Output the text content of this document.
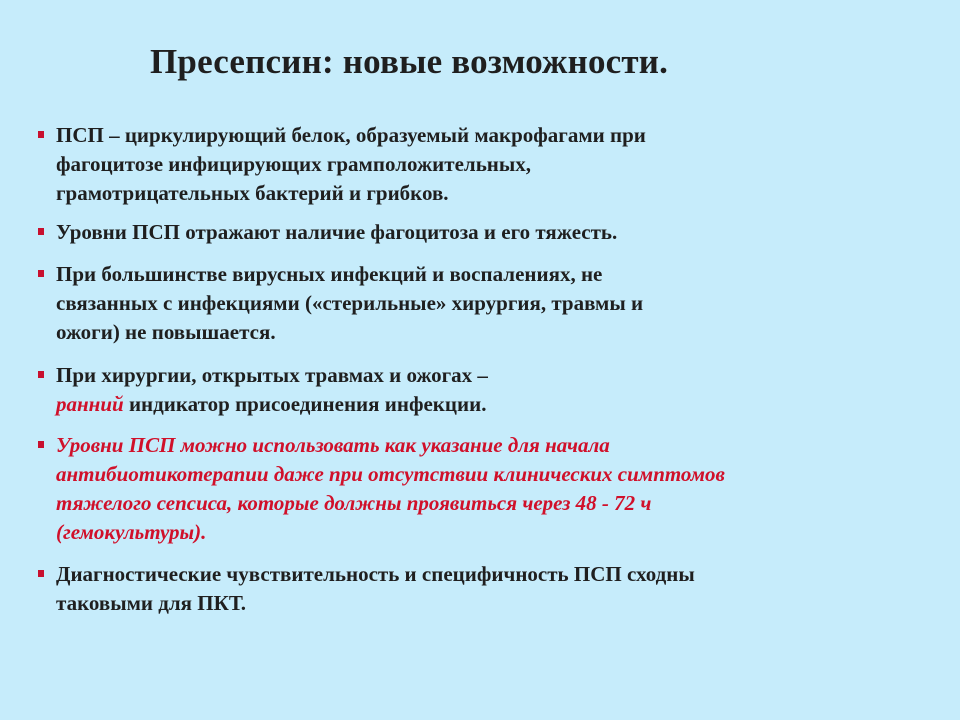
Пресепсин: новые возможности.
ПСП – циркулирующий белок, образуемый макрофагами при
фагоцитозе инфицирующих грамположительных,
грамотрицательных бактерий и грибков.
Уровни ПСП отражают наличие фагоцитоза и его тяжесть.
При большинстве вирусных инфекций и воспалениях, не
связанных с инфекциями («стерильные» хирургия, травмы и
ожоги) не повышается.
При хирургии, открытых травмах и ожогах –
ранний индикатор присоединения инфекции.
Уровни ПСП можно использовать как указание для начала
антибиотикотерапии даже при отсутствии клинических симптомов
тяжелого сепсиса, которые должны проявиться через 48 - 72 ч
(гемокультуры).
Диагностические чувствительность и специфичность ПСП сходны
таковыми для ПКТ.
